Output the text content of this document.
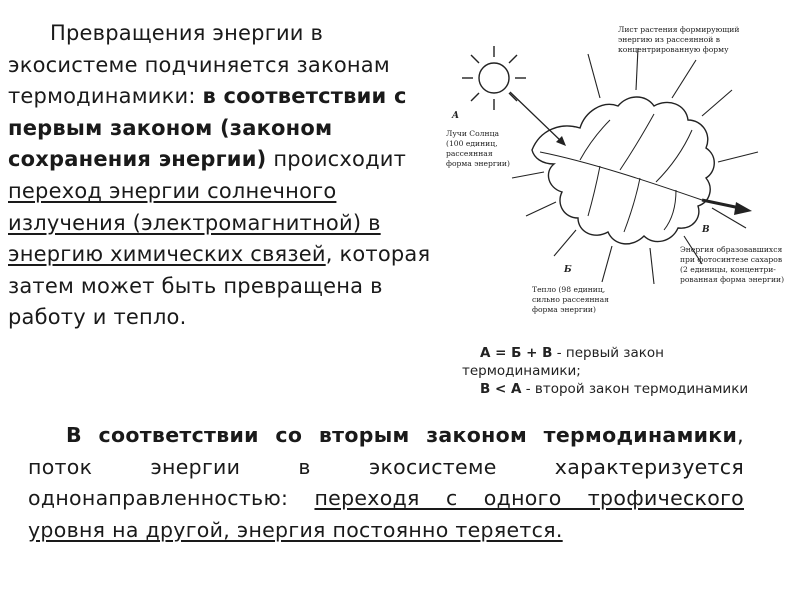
Превращения энергии в экосистеме подчиняется законам термодинамики: в соответствии с первым законом (законом сохранения энергии) происходит переход энергии солнечного излучения (электромагнитной) в энергию химических связей, которая затем может быть превращена в работу и тепло.
Лист растения формирующий
энергию из рассеянной в
концентрированную форму
A
Лучи Солнца
(100 единиц,
рассеянная
форма энергии)
B
Энергия образовавшихся
при фотосинтезе сахаров
(2 единицы, концентри-
рованная форма энергии)
Б
Тепло (98 единиц,
сильно рассеянная
форма энергии)
А = Б + В - первый закон термодинамики;
В < А - второй закон термодинамики
В соответствии со вторым законом термодинамики, поток энергии в экосистеме характеризуется однонаправленностью: переходя с одного трофического уровня на другой, энергия постоянно теряется.
